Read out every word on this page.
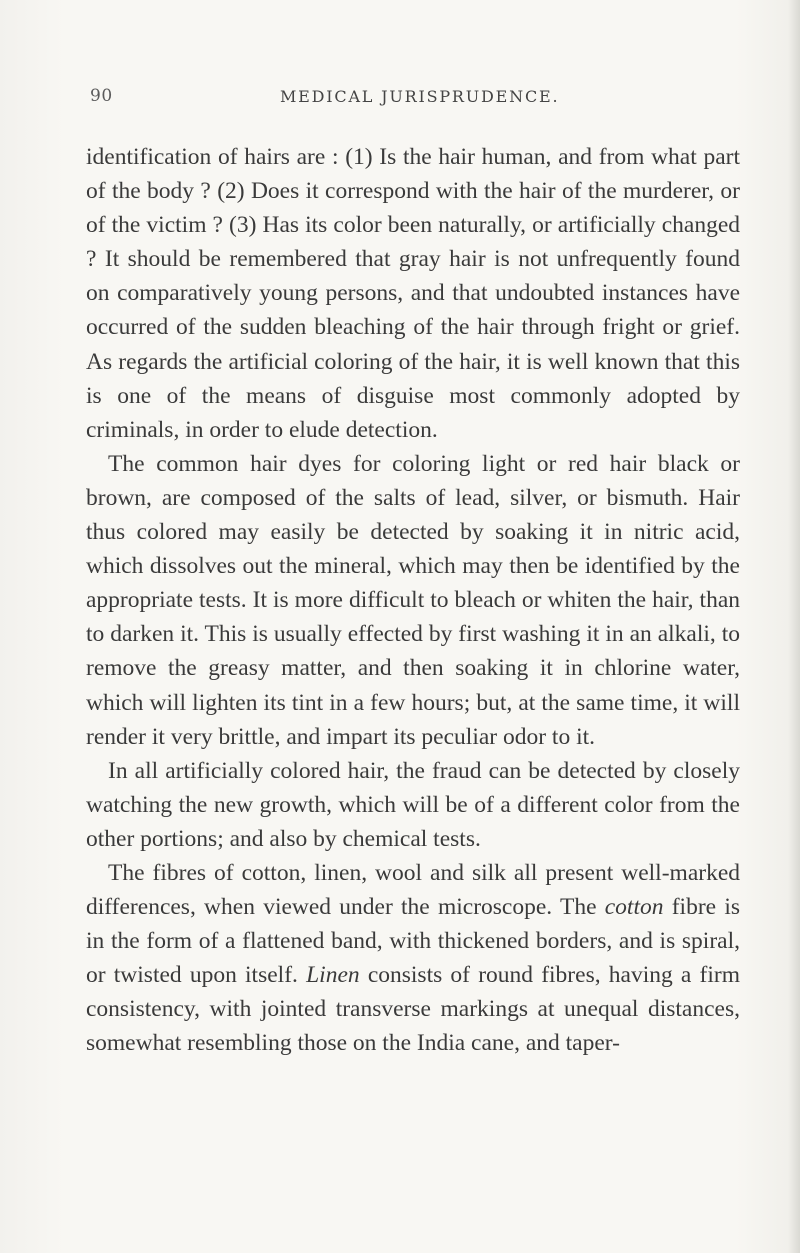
90	MEDICAL JURISPRUDENCE.

identification of hairs are : (1) Is the hair human, and from what part of the body ? (2) Does it correspond with the hair of the murderer, or of the victim ? (3) Has its color been naturally, or artificially changed ? It should be remembered that gray hair is not unfrequently found on comparatively young persons, and that undoubted instances have occurred of the sudden bleaching of the hair through fright or grief. As regards the artificial coloring of the hair, it is well known that this is one of the means of disguise most commonly adopted by criminals, in order to elude detection.

The common hair dyes for coloring light or red hair black or brown, are composed of the salts of lead, silver, or bismuth. Hair thus colored may easily be detected by soaking it in nitric acid, which dissolves out the mineral, which may then be identified by the appropriate tests. It is more difficult to bleach or whiten the hair, than to darken it. This is usually effected by first washing it in an alkali, to remove the greasy matter, and then soaking it in chlorine water, which will lighten its tint in a few hours; but, at the same time, it will render it very brittle, and impart its peculiar odor to it.

In all artificially colored hair, the fraud can be detected by closely watching the new growth, which will be of a different color from the other portions; and also by chemical tests.

The fibres of cotton, linen, wool and silk all present well-marked differences, when viewed under the microscope. The cotton fibre is in the form of a flattened band, with thickened borders, and is spiral, or twisted upon itself. Linen consists of round fibres, having a firm consistency, with jointed transverse markings at unequal distances, somewhat resembling those on the India cane, and taper-
